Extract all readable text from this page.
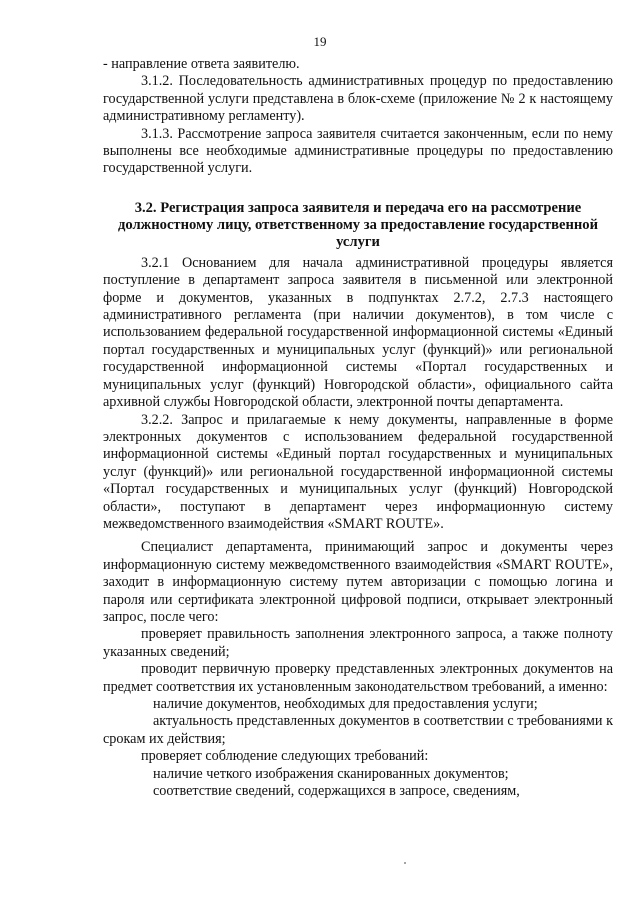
19

- направление ответа заявителю.

3.1.2. Последовательность административных процедур по предоставлению государственной услуги представлена в блок-схеме (приложение № 2 к настоящему административному регламенту).

3.1.3. Рассмотрение запроса заявителя считается законченным, если по нему выполнены все необходимые административные процедуры по предоставлению государственной услуги.

3.2. Регистрация запроса заявителя и передача его на рассмотрение должностному лицу, ответственному за предоставление государственной услуги

3.2.1 Основанием для начала административной процедуры является поступление в департамент запроса заявителя в письменной или электронной форме и документов, указанных в подпунктах 2.7.2, 2.7.3 настоящего административного регламента (при наличии документов), в том числе с использованием федеральной государственной информационной системы «Единый портал государственных и муниципальных услуг (функций)» или региональной государственной информационной системы «Портал государственных и муниципальных услуг (функций) Новгородской области», официального сайта архивной службы Новгородской области, электронной почты департамента.

3.2.2. Запрос и прилагаемые к нему документы, направленные в форме электронных документов с использованием федеральной государственной информационной системы «Единый портал государственных и муниципальных услуг (функций)» или региональной государственной информационной системы «Портал государственных и муниципальных услуг (функций) Новгородской области», поступают в департамент через информационную систему межведомственного взаимодействия «SMART ROUTE».

Специалист департамента, принимающий запрос и документы через информационную систему межведомственного взаимодействия «SMART ROUTE», заходит в информационную систему путем авторизации с помощью логина и пароля или сертификата электронной цифровой подписи, открывает электронный запрос, после чего:

проверяет правильность заполнения электронного запроса, а также полноту указанных сведений;

проводит первичную проверку представленных электронных документов на предмет соответствия их установленным законодательством требований, а именно:

наличие документов, необходимых для предоставления услуги;

актуальность представленных документов в соответствии с требованиями к срокам их действия;

проверяет соблюдение следующих требований:

наличие четкого изображения сканированных документов;

соответствие сведений, содержащихся в запросе, сведениям,
